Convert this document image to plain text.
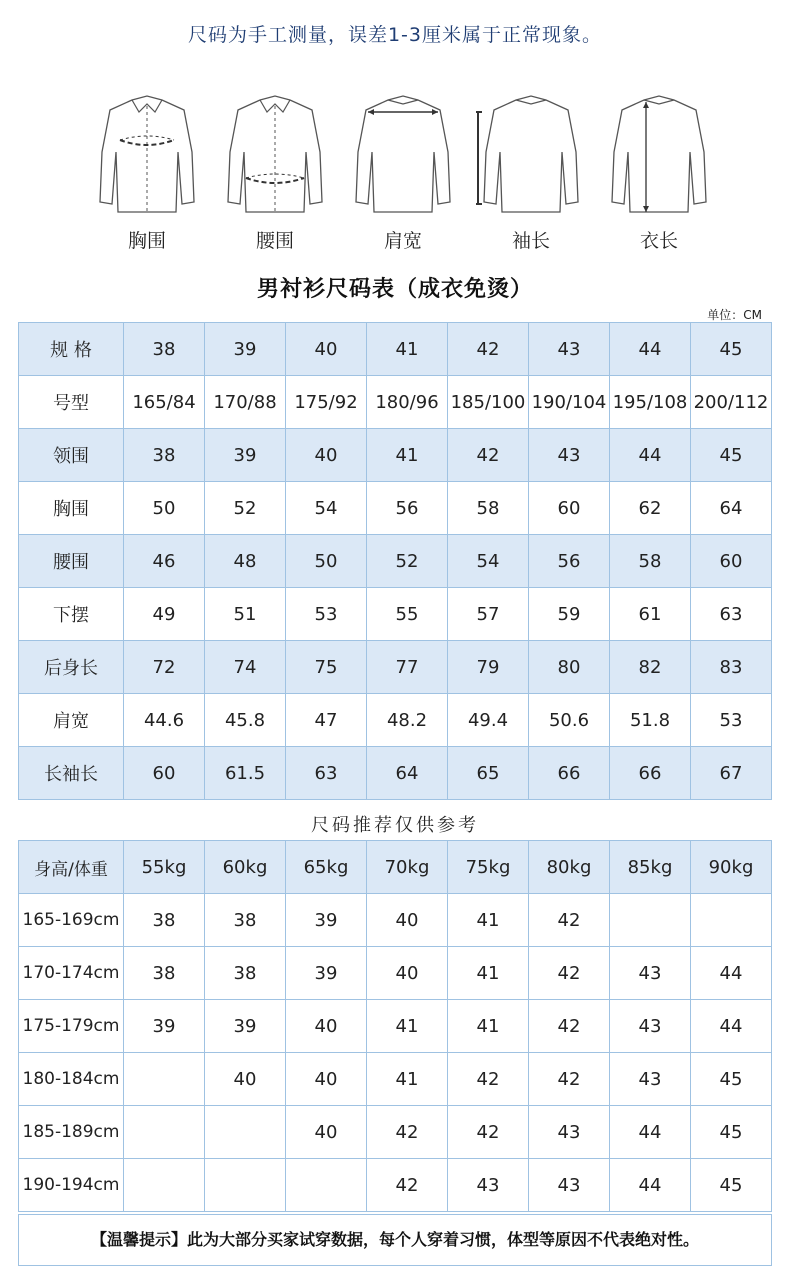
尺码为手工测量，误差1-3厘米属于正常现象。
胸围	腰围	肩宽	袖长	衣长
男衬衫尺码表（成衣免烫）
单位：CM
规 格	38	39	40	41	42	43	44	45
号型	165/84	170/88	175/92	180/96	185/100	190/104	195/108	200/112
领围	38	39	40	41	42	43	44	45
胸围	50	52	54	56	58	60	62	64
腰围	46	48	50	52	54	56	58	60
下摆	49	51	53	55	57	59	61	63
后身长	72	74	75	77	79	80	82	83
肩宽	44.6	45.8	47	48.2	49.4	50.6	51.8	53
长袖长	60	61.5	63	64	65	66	66	67
尺码推荐仅供参考
身高/体重	55kg	60kg	65kg	70kg	75kg	80kg	85kg	90kg
165-169cm	38	38	39	40	41	42		
170-174cm	38	38	39	40	41	42	43	44
175-179cm	39	39	40	41	41	42	43	44
180-184cm		40	40	41	42	42	43	45
185-189cm			40	42	42	43	44	45
190-194cm				42	43	43	44	45
【温馨提示】此为大部分买家试穿数据，每个人穿着习惯，体型等原因不代表绝对性。
